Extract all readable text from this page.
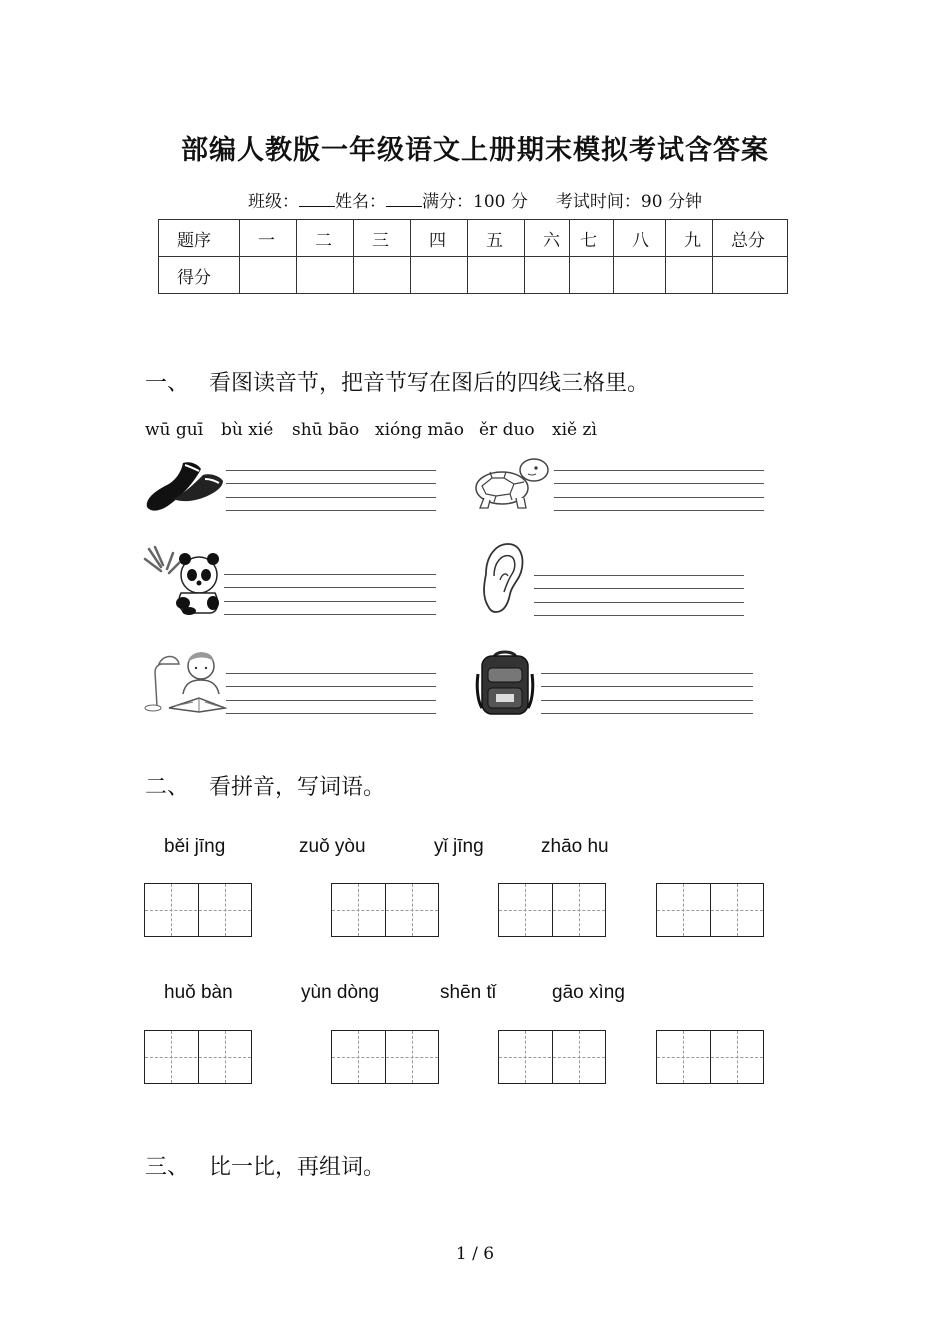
部编人教版一年级语文上册期末模拟考试含答案
班级： 姓名： 满分：100 分 考试时间：90 分钟
题序	一	二	三	四	五	六	七	八	九	总分
得分										
一、 看图读音节，把音节写在图后的四线三格里。
wū guī bù xié shū bāo xióng māo ěr duo xiě zì
二、 看拼音，写词语。
běi jīng	zuǒ yòu	yǐ jīng	zhāo hu
huǒ bàn	yùn dòng	shēn tǐ	gāo xìng
三、 比一比，再组词。
1 / 6
